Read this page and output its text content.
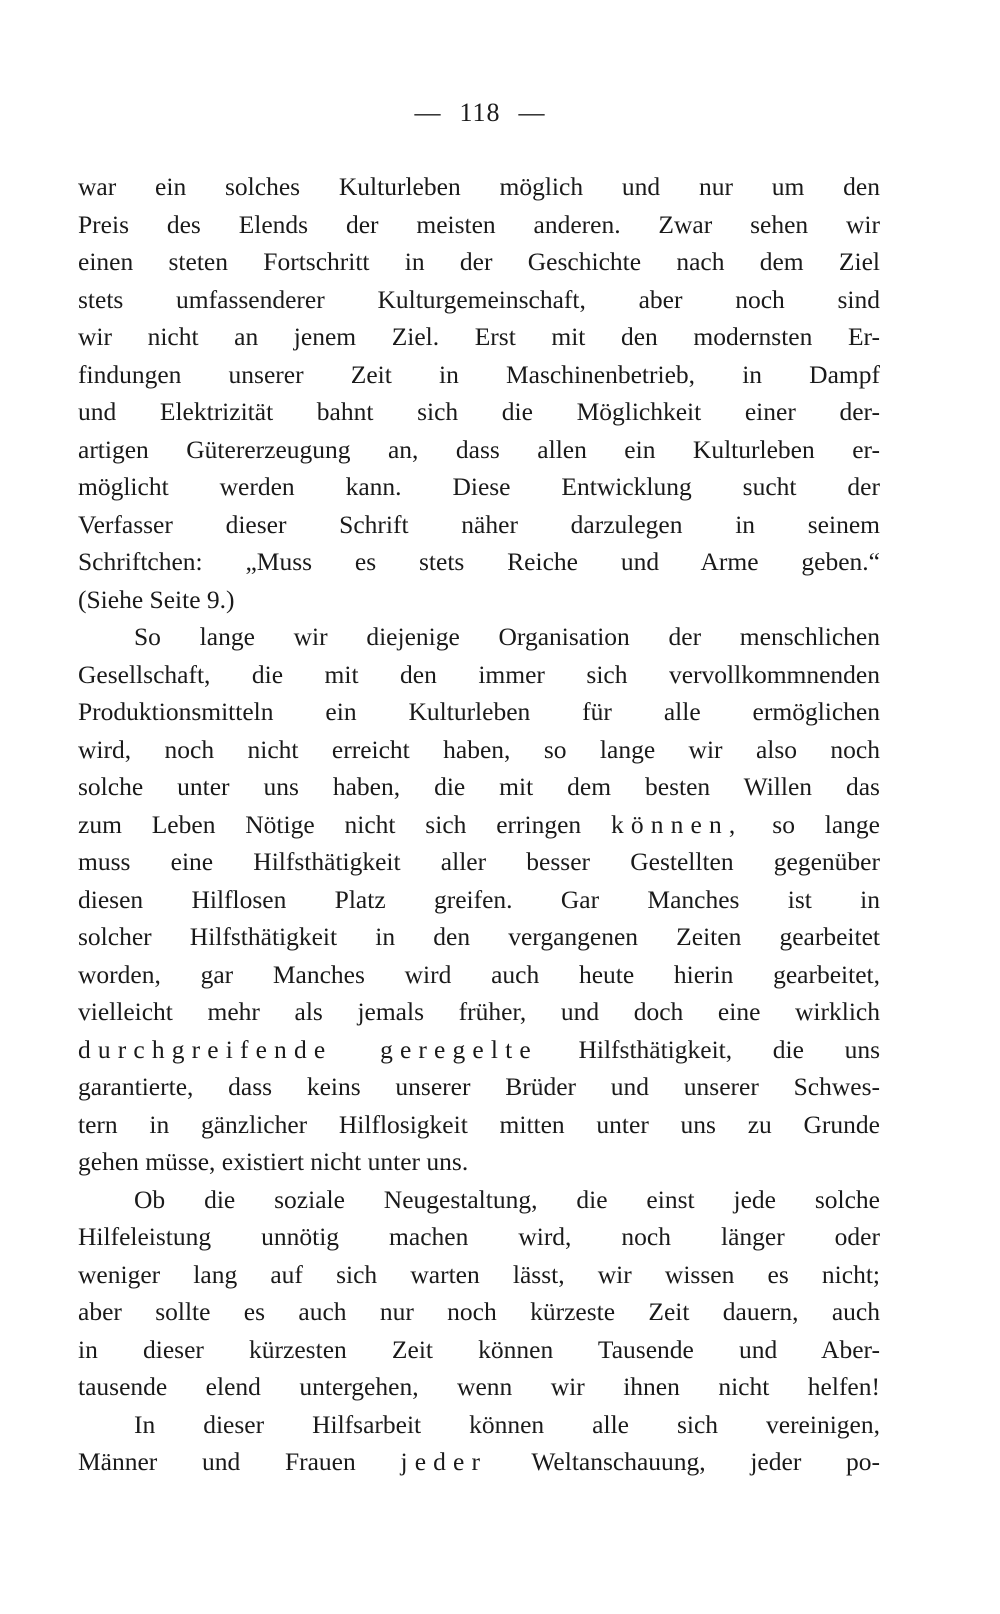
— 118 —
war ein solches Kulturleben möglich und nur um den
Preis des Elends der meisten anderen. Zwar sehen wir
einen steten Fortschritt in der Geschichte nach dem Ziel
stets umfassenderer Kulturgemeinschaft, aber noch sind
wir nicht an jenem Ziel. Erst mit den modernsten Er-
findungen unserer Zeit in Maschinenbetrieb, in Dampf
und Elektrizität bahnt sich die Möglichkeit einer der-
artigen Gütererzeugung an, dass allen ein Kulturleben er-
möglicht werden kann. Diese Entwicklung sucht der
Verfasser dieser Schrift näher darzulegen in seinem
Schriftchen: „Muss es stets Reiche und Arme geben.“
(Siehe Seite 9.)
So lange wir diejenige Organisation der menschlichen
Gesellschaft, die mit den immer sich vervollkommnenden
Produktionsmitteln ein Kulturleben für alle ermöglichen
wird, noch nicht erreicht haben, so lange wir also noch
solche unter uns haben, die mit dem besten Willen das
zum Leben Nötige nicht sich erringen können, so lange
muss eine Hilfsthätigkeit aller besser Gestellten gegenüber
diesen Hilflosen Platz greifen. Gar Manches ist in
solcher Hilfsthätigkeit in den vergangenen Zeiten gearbeitet
worden, gar Manches wird auch heute hierin gearbeitet,
vielleicht mehr als jemals früher, und doch eine wirklich
durchgreifende geregelte Hilfsthätigkeit, die uns
garantierte, dass keins unserer Brüder und unserer Schwes-
tern in gänzlicher Hilflosigkeit mitten unter uns zu Grunde
gehen müsse, existiert nicht unter uns.
Ob die soziale Neugestaltung, die einst jede solche
Hilfeleistung unnötig machen wird, noch länger oder
weniger lang auf sich warten lässt, wir wissen es nicht;
aber sollte es auch nur noch kürzeste Zeit dauern, auch
in dieser kürzesten Zeit können Tausende und Aber-
tausende elend untergehen, wenn wir ihnen nicht helfen!
In dieser Hilfsarbeit können alle sich vereinigen,
Männer und Frauen jeder Weltanschauung, jeder po-
